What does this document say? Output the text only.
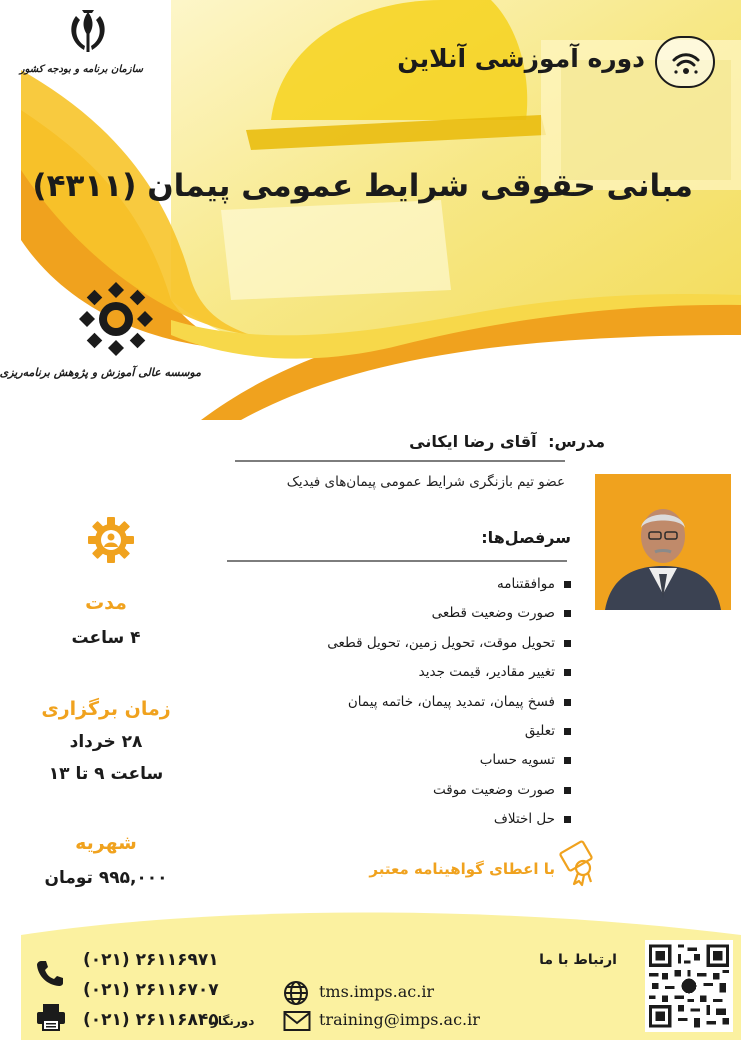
سازمان برنامه و بودجه کشور	دوره آموزشی آنلاین
مبانی حقوقی شرایط عمومی پیمان (۴۳۱۱)
موسسه عالی آموزش و پژوهش برنامه‌ریزی
مدرس: آقای رضا ایکانی
عضو تیم بازنگری شرایط عمومی پیمان‌های فیدیک
سرفصل‌ها:
موافقتنامه
صورت وضعیت قطعی
تحویل موقت، تحویل زمین، تحویل قطعی
تغییر مقادیر، قیمت جدید
فسخ پیمان، تمدید پیمان، خاتمه پیمان
تعلیق
تسویه حساب
صورت وضعیت موقت
حل اختلاف
مدت
۴ ساعت
زمان برگزاری
۲۸ خرداد
ساعت ۹ تا ۱۳
شهریه
۹۹۵,۰۰۰ تومان	با اعطای گواهینامه معتبر
ارتباط با ما
(۰۲۱) ۲۶۱۱۶۹۷۱
(۰۲۱) ۲۶۱۱۶۷۰۷
(۰۲۱) ۲۶۱۱۶۸۴۵
دورنگار
tms.imps.ac.ir
training@imps.ac.ir
